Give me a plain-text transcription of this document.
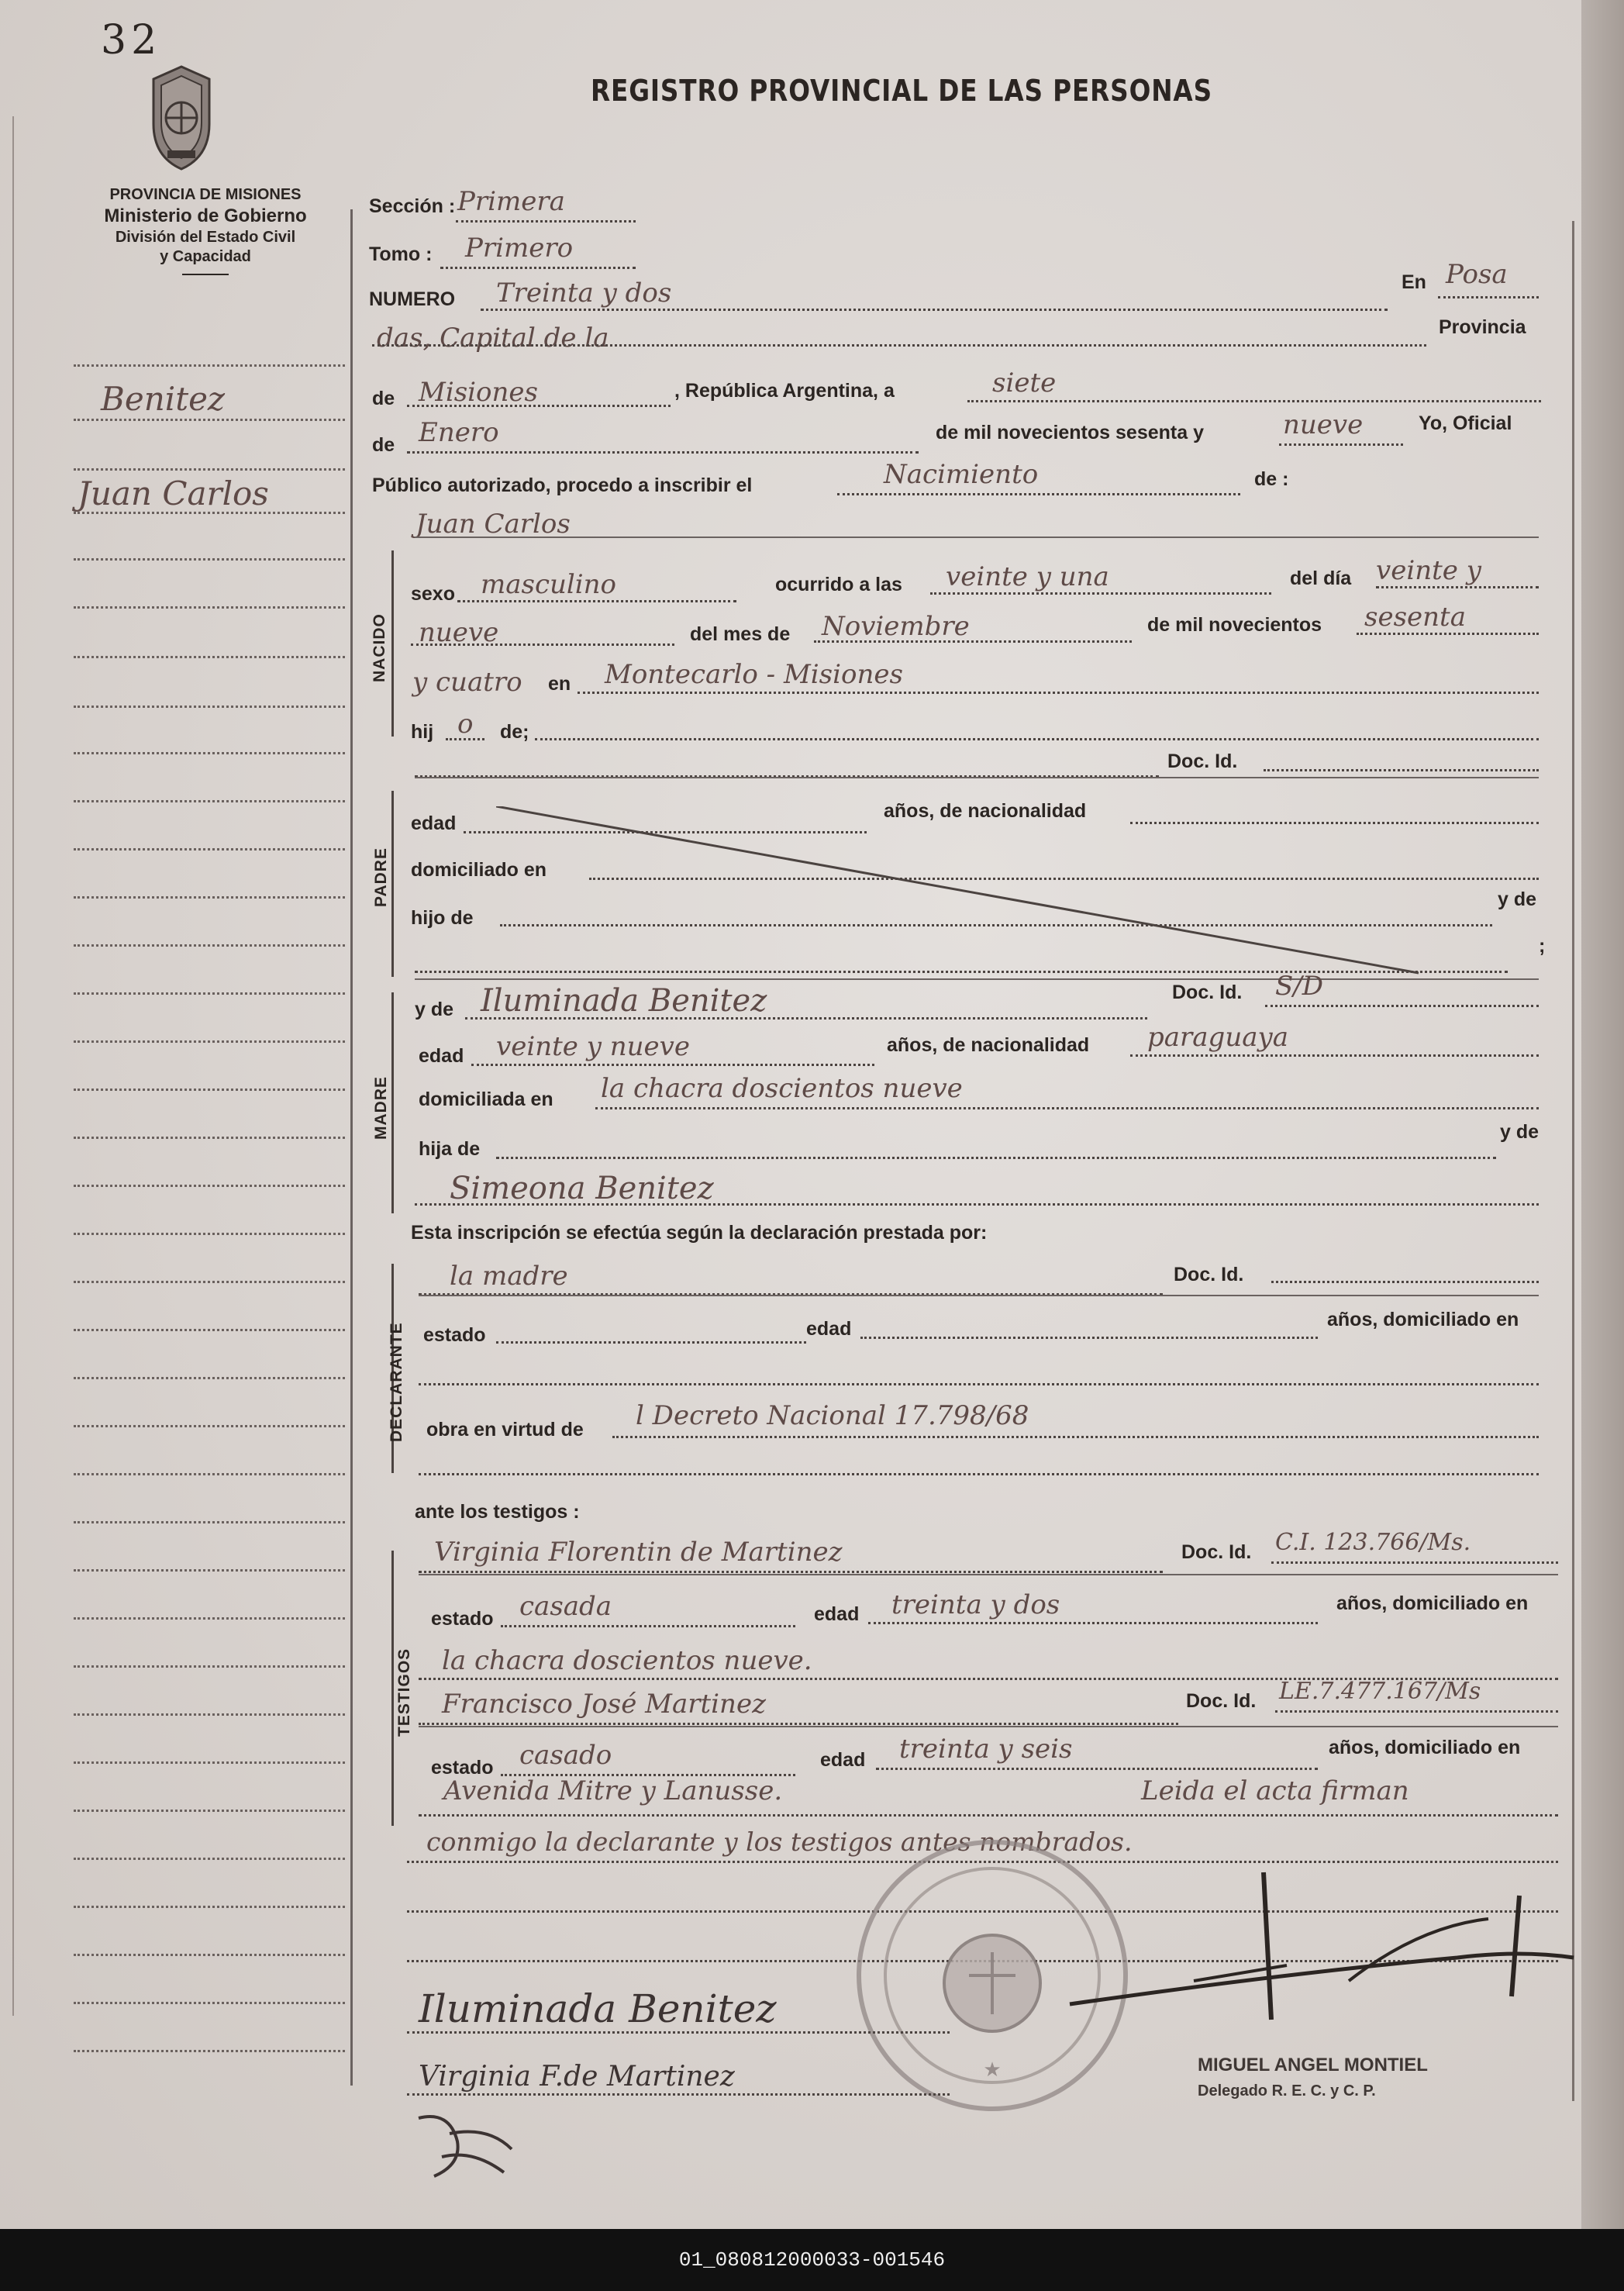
32
REGISTRO PROVINCIAL DE LAS PERSONAS
PROVINCIA DE MISIONES
Ministerio de Gobierno
División del Estado Civil
y Capacidad
Benitez
Juan Carlos
Sección : Primera
Tomo : Primero
NUMERO Treinta y dos	En Posa
das, Capital de la	Provincia
de Misiones	, República Argentina, a	siete
de Enero	de mil novecientos sesenta y	nueve	Yo, Oficial
Público autorizado, procedo a inscribir el	Nacimiento	de :
Juan Carlos
NACIDO
sexo masculino	ocurrido a las veinte y una	del día veinte y
nueve	del mes de Noviembre	de mil novecientos sesenta
y cuatro en Montecarlo - Misiones
hij o de;
Doc. Id.
PADRE
edad
años, de nacionalidad
domiciliado en
hijo de
y de
;
MADRE
y de Iluminada Benitez	Doc. Id. S/D
edad veinte y nueve	años, de nacionalidad paraguaya
domiciliada en la chacra doscientos nueve
hija de
y de
Simeona Benitez
Esta inscripción se efectúa según la declaración prestada por:
DECLARANTE
la madre	Doc. Id.
estado	edad	años, domiciliado en
obra en virtud de l Decreto Nacional 17.798/68
ante los testigos :
TESTIGOS
Virginia Florentin de Martinez	Doc. Id. C.I. 123.766/Ms.
estado casada	edad treinta y dos	años, domiciliado en
la chacra doscientos nueve.
Francisco José Martinez	Doc. Id. LE.7.477.167/Ms
estado casado	edad treinta y seis	años, domiciliado en
Avenida Mitre y Lanusse.	Leida el acta firman
conmigo la declarante y los testigos antes nombrados.
★
Iluminada Benitez
Virginia F.de Martinez	MIGUEL ANGEL MONTIEL
Delegado R. E. C. y C. P.
01_080812000033-001546
